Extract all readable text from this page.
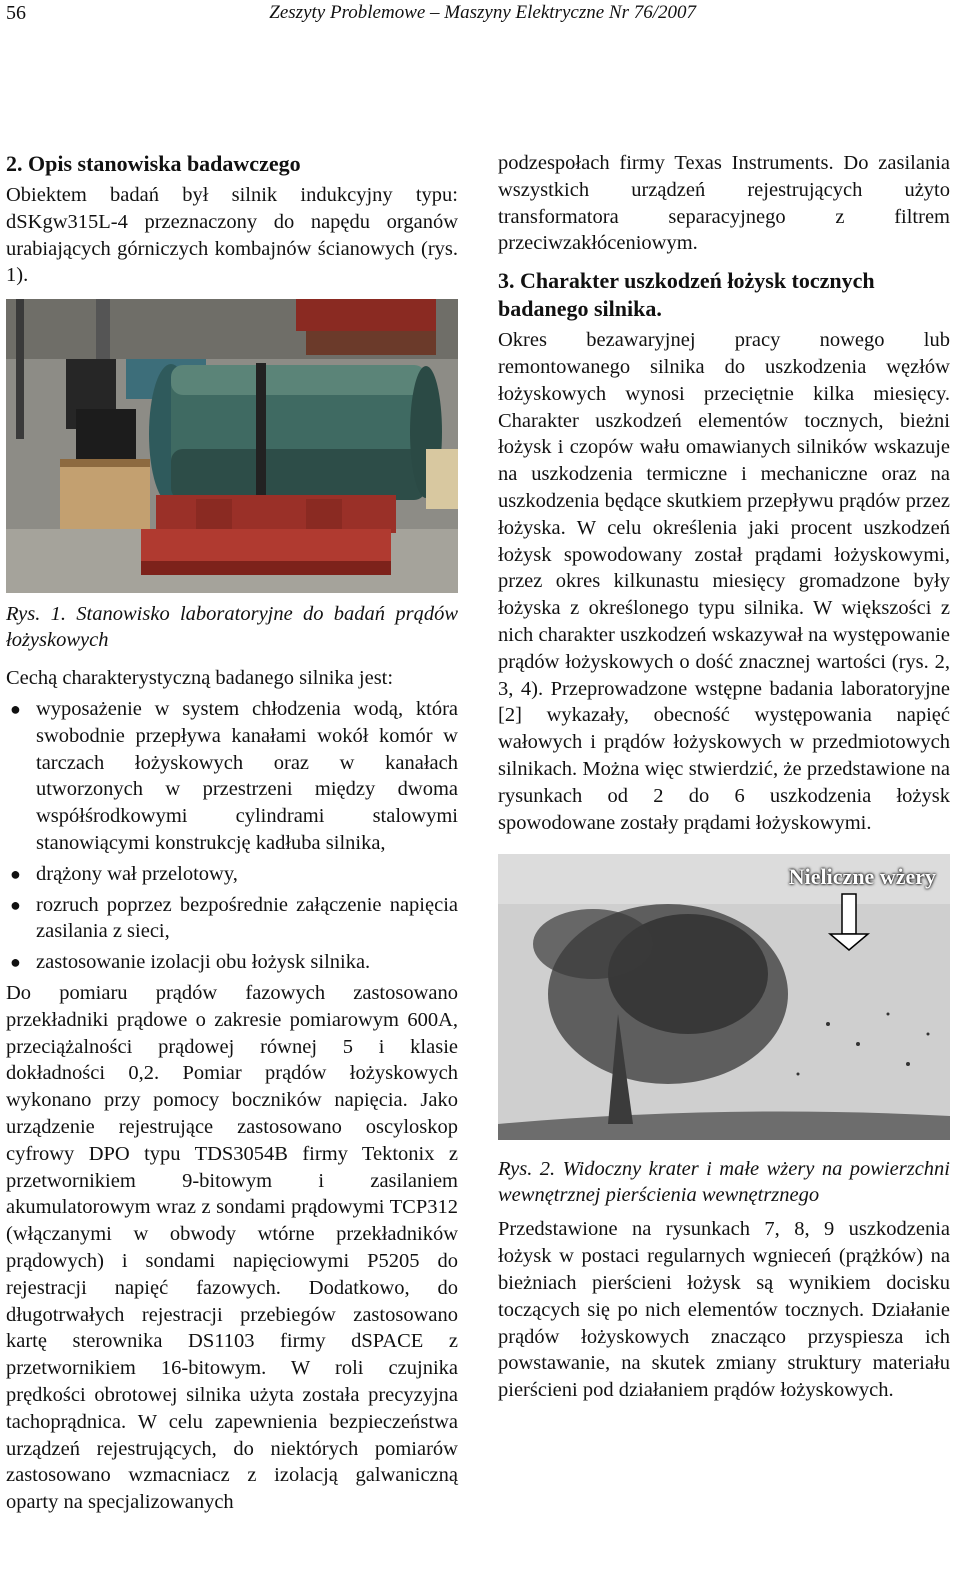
56	Zeszyty Problemowe – Maszyny Elektryczne Nr 76/2007
2. Opis stanowiska badawczego

Obiektem badań był silnik indukcyjny typu: dSKgw315L-4 przeznaczony do napędu organów urabiających górniczych kombajnów ścianowych (rys. 1).

Rys. 1. Stanowisko laboratoryjne do badań prądów łożyskowych

Cechą charakterystyczną badanego silnika jest:

● wyposażenie w system chłodzenia wodą, która swobodnie przepływa kanałami wokół komór w tarczach łożyskowych oraz w kanałach utworzonych w przestrzeni między dwoma współśrodkowymi cylindrami stalowymi stanowiącymi konstrukcję kadłuba silnika,
● drążony wał przelotowy,
● rozruch poprzez bezpośrednie załączenie napięcia zasilania z sieci,
● zastosowanie izolacji obu łożysk silnika.

Do pomiaru prądów fazowych zastosowano przekładniki prądowe o zakresie pomiarowym 600A, przeciążalności prądowej równej 5 i klasie dokładności 0,2. Pomiar prądów łożyskowych wykonano przy pomocy boczników napięcia. Jako urządzenie rejestrujące zastosowano oscyloskop cyfrowy DPO typu TDS3054B firmy Tektonix z przetwornikiem 9-bitowym i zasilaniem akumulatorowym wraz z sondami prądowymi TCP312 (włączanymi w obwody wtórne przekładników prądowych) i sondami napięciowymi P5205 do rejestracji napięć fazowych. Dodatkowo, do długotrwałych rejestracji przebiegów zastosowano kartę sterownika DS1103 firmy dSPACE z przetwornikiem 16-bitowym. W roli czujnika prędkości obrotowej silnika użyta została precyzyjna tachoprądnica. W celu zapewnienia bezpieczeństwa urządzeń rejestrujących, do niektórych pomiarów zastosowano wzmacniacz z izolacją galwaniczną oparty na specjalizowanych

podzespołach firmy Texas Instruments. Do zasilania wszystkich urządzeń rejestrujących użyto transformatora separacyjnego z filtrem przeciwzakłóceniowym.

3. Charakter uszkodzeń łożysk tocznych badanego silnika.

Okres bezawaryjnej pracy nowego lub remontowanego silnika do uszkodzenia węzłów łożyskowych wynosi przeciętnie kilka miesięcy. Charakter uszkodzeń elementów tocznych, bieżni łożysk i czopów wału omawianych silników wskazuje na uszkodzenia termiczne i mechaniczne oraz na uszkodzenia będące skutkiem przepływu prądów przez łożyska. W celu określenia jaki procent uszkodzeń łożysk spowodowany został prądami łożyskowymi, przez okres kilkunastu miesięcy gromadzone były łożyska z określonego typu silnika. W większości z nich charakter uszkodzeń wskazywał na występowanie prądów łożyskowych o dość znacznej wartości (rys. 2, 3, 4). Przeprowadzone wstępne badania laboratoryjne [2] wykazały, obecność występowania napięć wałowych i prądów łożyskowych w przedmiotowych silnikach. Można więc stwierdzić, że przedstawione na rysunkach od 2 do 6 uszkodzenia łożysk spowodowane zostały prądami łożyskowymi.

Nieliczne wżery

Rys. 2. Widoczny krater i małe wżery na powierzchni wewnętrznej pierścienia wewnętrznego

Przedstawione na rysunkach 7, 8, 9 uszkodzenia łożysk w postaci regularnych wgnieceń (prążków) na bieżniach pierścieni łożysk są wynikiem docisku toczących się po nich elementów tocznych. Działanie prądów łożyskowych znacząco przyspiesza ich powstawanie, na skutek zmiany struktury materiału pierścieni pod działaniem prądów łożyskowych.
